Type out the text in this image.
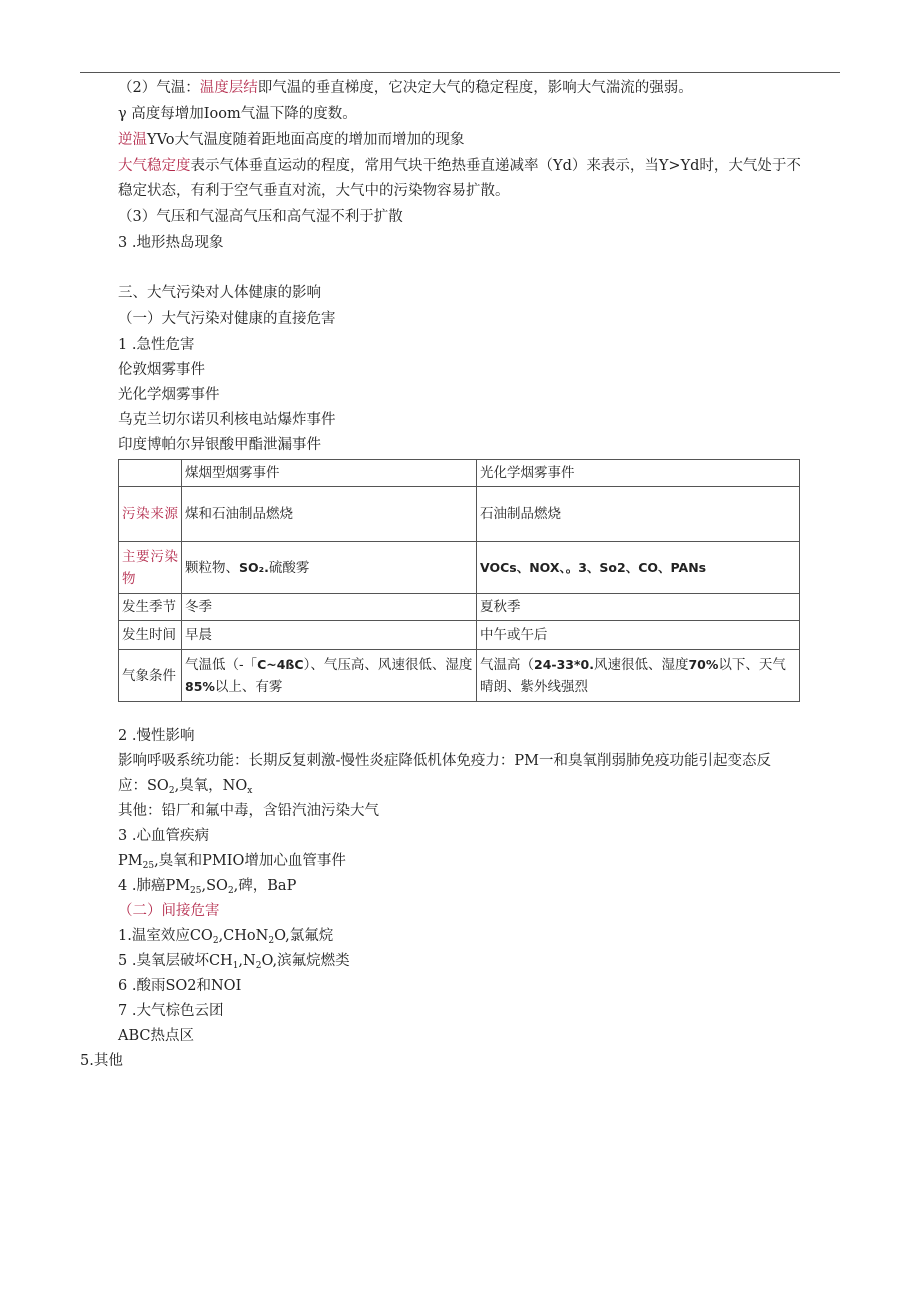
（2）气温：温度层结即气温的垂直梯度，它决定大气的稳定程度，影响大气湍流的强弱。
γ 高度每增加Ioom气温下降的度数。
逆温YVo大气温度随着距地面高度的增加而增加的现象
大气稳定度表示气体垂直运动的程度，常用气块干绝热垂直递减率（Yd）来表示，当Y>Yd时，大气处于不
稳定状态，有利于空气垂直对流，大气中的污染物容易扩散。
（3）气压和气湿高气压和高气湿不利于扩散
3 .地形热岛现象
三、大气污染对人体健康的影响
（一）大气污染对健康的直接危害
1 .急性危害
伦敦烟雾事件
光化学烟雾事件
乌克兰切尔诺贝利核电站爆炸事件
印度博帕尔异银酸甲酯泄漏事件
	煤烟型烟雾事件	光化学烟雾事件
污染来源	煤和石油制品燃烧	石油制品燃烧
主要污染物	颗粒物、SO₂.硫酸雾	VOCs、NOX、。3、So2、CO、PANs
发生季节	冬季	夏秋季
发生时间	早晨	中午或午后
气象条件	气温低（-「C~4ßC）、气压高、风速很低、湿度85%以上、有雾	气温高（24-33*0.风速很低、湿度70%以下、天气晴朗、紫外线强烈
2 .慢性影响
影响呼吸系统功能：长期反复刺激-慢性炎症降低机体免疫力：PM一和臭氧削弱肺免疫功能引起变态反
应：$SO_2$,臭氧，$NO_x$
其他：铅厂和氟中毒，含铅汽油污染大气
3 .心血管疾病
$PM_{25}$,臭氧和PMIO增加心血管事件
4 .肺癌$PM_{25},SO_2$,碑，BaP
（二）间接危害
1.温室效应$CO_2,CHoN_2O$,氯氟烷
5 .臭氧层破坏$CH_1,N_2O$,滨氟烷燃类
6 .酸雨SO2和NOI
7 .大气棕色云团
ABC热点区
5.其他
